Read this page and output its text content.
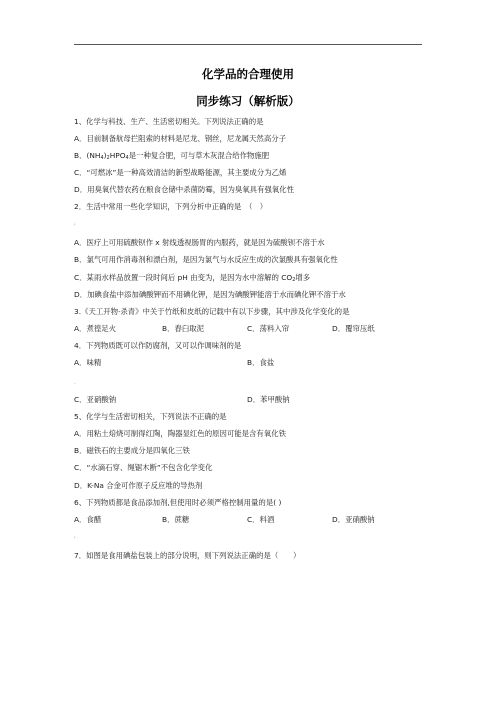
化学品的合理使用
同步练习（解析版）
1、化学与科技、生产、生活密切相关。下列说法正确的是
A．目前制备航母拦阻索的材料是尼龙、钢丝，尼龙属天然高分子
B．$(NH_4)_2HPO_4$是一种复合肥，可与草木灰混合给作物施肥
C．“可燃冰”是一种高效清洁的新型战略能源，其主要成分为乙烯
D．用臭氧代替农药在粮食仓储中杀菌防霉，因为臭氧具有强氧化性
2．生活中常用一些化学知识，下列分析中正确的是　（　）
'
A．医疗上可用硫酸钡作 x 射线透视肠胃的内服药，就是因为硫酸钡不溶于水
B．氯气可用作消毒剂和漂白剂，是因为氯气与水反应生成的次氯酸具有强氧化性
C．某雨水样品放置一段时间后 pH 由变为，是因为水中溶解的 $CO_2$增多
D．加碘食盐中添加碘酸钾而不用碘化钾，是因为碘酸钾能溶于水而碘化钾不溶于水
3.《天工开物·杀青》中关于竹纸和皮纸的记载中有以下步骤，其中涉及化学变化的是
A．煮徨足火	B．舂臼取泥	C．荡料入帘	D．覆帘压纸
4．下列物质既可以作防腐剂，又可以作调味剂的是
A．味精	B．食盐
.
C．亚硝酸钠	D．苯甲酸钠
5、化学与生活密切相关，下列说法不正确的是
A．用粘土焙烧可制得红陶，陶器显红色的原因可能是含有氧化铁
B．磁铁石的主要成分是四氧化三铁
C．“水滴石穿、绳锯木断”不包含化学变化
D．K-Na 合金可作原子反应堆的导热剂
6、下列物质都是食品添加剂,但使用时必须严格控制用量的是( )
A．食醋	B．蔗糖	C．料酒	D．亚硝酸钠
'
7．如图是食用碘盐包装上的部分说明，则下列说法正确的是（　　）
